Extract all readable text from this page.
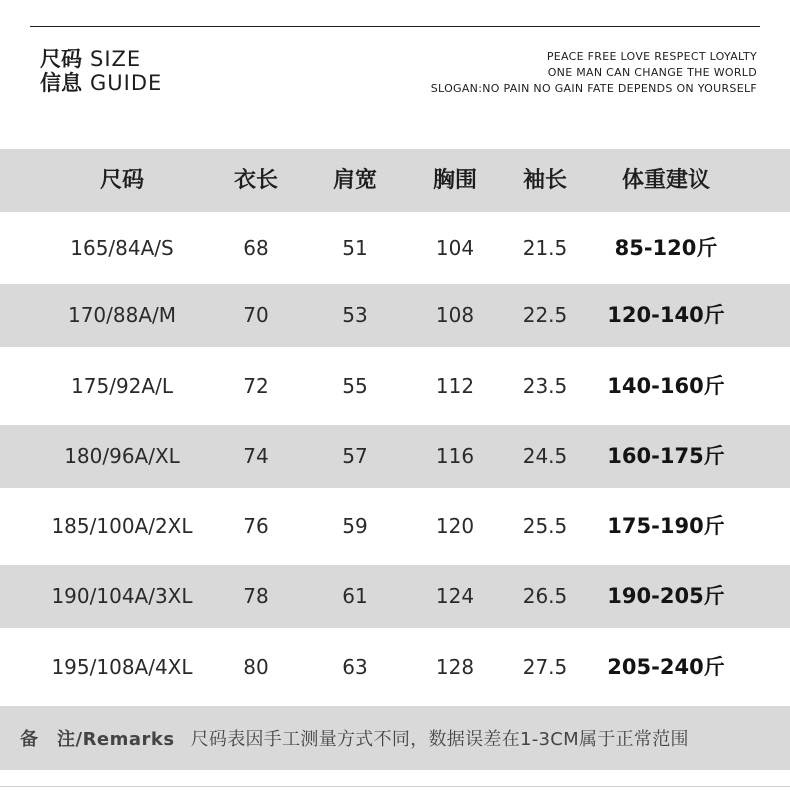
尺码
信息
SIZE
GUIDE
PEACE FREE LOVE RESPECT LOYALTY
ONE MAN CAN CHANGE THE WORLD
SLOGAN:NO PAIN NO GAIN FATE DEPENDS ON YOURSELF
尺码	衣长	肩宽	胸围	袖长	体重建议
165/84A/S	68	51	104	21.5	85-120斤
170/88A/M	70	53	108	22.5	120-140斤
175/92A/L	72	55	112	23.5	140-160斤
180/96A/XL	74	57	116	24.5	160-175斤
185/100A/2XL	76	59	120	25.5	175-190斤
190/104A/3XL	78	61	124	26.5	190-205斤
195/108A/4XL	80	63	128	27.5	205-240斤
备　注/Remarks 尺码表因手工测量方式不同，数据误差在1-3CM属于正常范围
